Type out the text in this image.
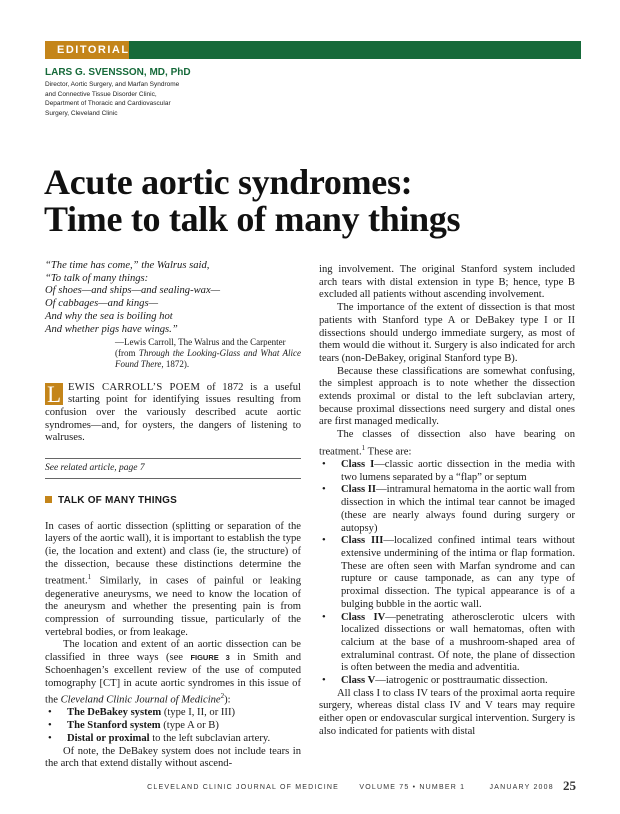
EDITORIAL
LARS G. SVENSSON, MD, PhD
Director, Aortic Surgery, and Marfan Syndrome
and Connective Tissue Disorder Clinic,
Department of Thoracic and Cardiovascular
Surgery, Cleveland Clinic
Acute aortic syndromes:
Time to talk of many things
“The time has come,” the Walrus said,
“To talk of many things:
Of shoes—and ships—and sealing-wax—
Of cabbages—and kings—
And why the sea is boiling hot
And whether pigs have wings.”
—Lewis Carroll, The Walrus and the Carpenter
(from Through the Looking-Glass and What Alice Found There, 1872).

L EWIS CARROLL’S POEM of 1872 is a useful starting point for identifying issues resulting from confusion over the variously described acute aortic syndromes—and, for oysters, the dangers of listening to walruses.

See related article, page 7
TALK OF MANY THINGS

In cases of aortic dissection (splitting or separation of the layers of the aortic wall), it is important to establish the type (ie, the location and extent) and class (ie, the structure) of the dissection, because these distinctions determine the treatment.$^1$ Similarly, in cases of painful or leaking degenerative aneurysms, we need to know the location of the aneurysm and whether the presenting pain is from compression of surrounding tissue, particularly of the vertebral bodies, or from leakage.

The location and extent of an aortic dissection can be classified in three ways (see FIGURE 3 in Smith and Schoenhagen’s excellent review of the use of computed tomography [CT] in acute aortic syndromes in this issue of the Cleveland Clinic Journal of Medicine$^2$):

• The DeBakey system (type I, II, or III)
• The Stanford system (type A or B)
• Distal or proximal to the left subclavian artery.

Of note, the DeBakey system does not include tears in the arch that extend distally without ascend-

ing involvement. The original Stanford system included arch tears with distal extension in type B; hence, type B excluded all patients without ascending involvement.

The importance of the extent of dissection is that most patients with Stanford type A or DeBakey type I or II dissections should undergo immediate surgery, as most of them would die without it. Surgery is also indicated for arch tears (non-DeBakey, original Stanford type B).

Because these classifications are somewhat confusing, the simplest approach is to note whether the dissection extends proximal or distal to the left subclavian artery, because proximal dissections need surgery and distal ones are first managed medically.

The classes of dissection also have bearing on treatment.$^1$ These are:

• Class I—classic aortic dissection in the media with two lumens separated by a “flap” or septum
• Class II—intramural hematoma in the aortic wall from dissection in which the intimal tear cannot be imaged (these are nearly always found during surgery or autopsy)
• Class III—localized confined intimal tears without extensive undermining of the intima or flap formation. These are often seen with Marfan syndrome and can rupture or cause tamponade, as can any type of proximal dissection. The typical appearance is of a bulging bubble in the aortic wall.
• Class IV—penetrating atherosclerotic ulcers with localized dissections or wall hematomas, often with calcium at the base of a mushroom-shaped area of extraluminal contrast. Of note, the plane of dissection is often between the media and adventitia.
• Class V—iatrogenic or posttraumatic dissection.

All class I to class IV tears of the proximal aorta require surgery, whereas distal class IV and V tears may require either open or endovascular surgical intervention. Surgery is also indicated for patients with distal

CLEVELAND CLINIC JOURNAL OF MEDICINE	VOLUME 75 • NUMBER 1	JANUARY 2008 25
